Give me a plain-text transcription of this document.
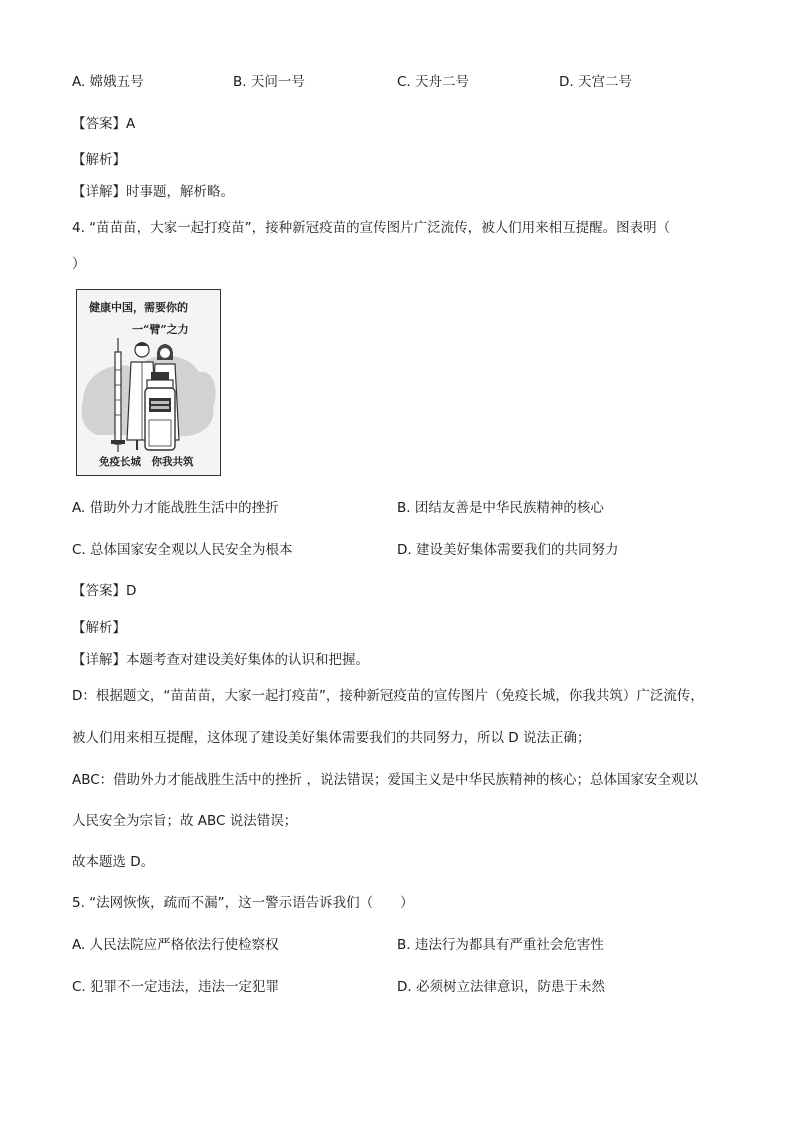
A. 嫦娥五号	B. 天问一号	C. 天舟二号	D. 天宫二号
【答案】A
【解析】
【详解】时事题，解析略。
4. “苗苗苗，大家一起打疫苗”，接种新冠疫苗的宣传图片广泛流传，被人们用来相互提醒。图表明（
）
健康中国，需要你的
一“臂”之力
免疫长城　你我共筑
A. 借助外力才能战胜生活中的挫折	B. 团结友善是中华民族精神的核心
C. 总体国家安全观以人民安全为根本	D. 建设美好集体需要我们的共同努力
【答案】D
【解析】
【详解】本题考查对建设美好集体的认识和把握。
D：根据题文，“苗苗苗，大家一起打疫苗”，接种新冠疫苗的宣传图片（免疫长城，你我共筑）广泛流传，
被人们用来相互提醒，这体现了建设美好集体需要我们的共同努力，所以 D 说法正确；
ABC：借助外力才能战胜生活中的挫折 ，说法错误；爱国主义是中华民族精神的核心；总体国家安全观以
人民安全为宗旨；故 ABC 说法错误；
故本题选 D。
5. “法网恢恢，疏而不漏”，这一警示语告诉我们（　　）
A. 人民法院应严格依法行使检察权	B. 违法行为都具有严重社会危害性
C. 犯罪不一定违法，违法一定犯罪	D. 必须树立法律意识，防患于未然
